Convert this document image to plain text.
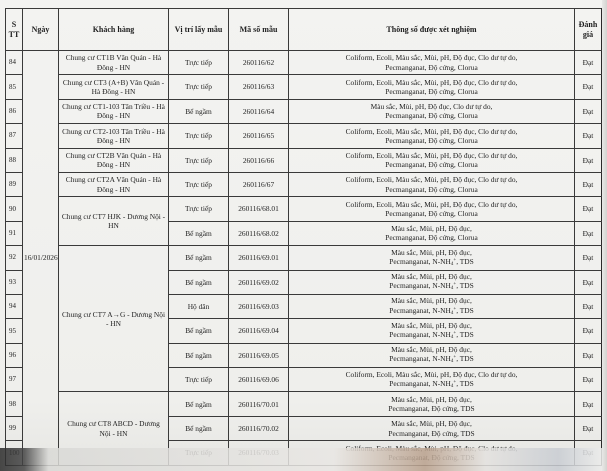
S TT	Ngày	Khách hàng	Vị trí lấy mẫu	Mã số mẫu	Thông số được xét nghiệm	Đánh giá
84	16/01/2026	Chung cư CT1B Văn Quán - Hà Đông - HN	Trực tiếp	260116/62	Coliform, Ecoli, Màu sắc, Mùi, pH, Độ đục, Clo dư tự do,
Pecmanganat, Độ cứng, Clorua	Đạt
85		Chung cư CT3 (A+B) Văn Quán - Hà Đông - HN	Trực tiếp	260116/63	Coliform, Ecoli, Màu sắc, Mùi, pH, Độ đục, Clo dư tự do,
Pecmanganat, Độ cứng, Clorua	Đạt
86		Chung cư CT1-103 Tân Triều - Hà Đông - HN	Bể ngầm	260116/64	Màu sắc, Mùi, pH, Độ đục, Clo dư tự do,
Pecmanganat, Độ cứng, Clorua	Đạt
87		Chung cư CT2-103 Tân Triều - Hà Đông - HN	Trực tiếp	260116/65	Coliform, Ecoli, Màu sắc, Mùi, pH, Độ đục, Clo dư tự do,
Pecmanganat, Độ cứng, Clorua	Đạt
88		Chung cư CT2B Văn Quán - Hà Đông - HN	Trực tiếp	260116/66	Coliform, Ecoli, Màu sắc, Mùi, pH, Độ đục, Clo dư tự do,
Pecmanganat, Độ cứng, Clorua	Đạt
89		Chung cư CT2A Văn Quán - Hà Đông - HN	Trực tiếp	260116/67	Coliform, Ecoli, Màu sắc, Mùi, pH, Độ đục, Clo dư tự do,
Pecmanganat, Độ cứng, Clorua	Đạt
90		Chung cư CT7 HJK - Dương Nội - HN	Trực tiếp	260116/68.01	Coliform, Ecoli, Màu sắc, Mùi, pH, Độ đục, Clo dư tự do,
Pecmanganat, Độ cứng, Clorua	Đạt
91			Bể ngầm	260116/68.02	Màu sắc, Mùi, pH, Độ đục,
Pecmanganat, Độ cứng, Clorua	Đạt
92		Chung cư CT7 A→G - Dương Nội - HN	Bể ngầm	260116/69.01	Màu sắc, Mùi, pH, Độ đục,
Pecmanganat, $N-NH_4^+$, TDS	Đạt
93			Bể ngầm	260116/69.02	Màu sắc, Mùi, pH, Độ đục,
Pecmanganat, $N-NH_4^+$, TDS	Đạt
94			Hộ dân	260116/69.03	Màu sắc, Mùi, pH, Độ đục,
Pecmanganat, $N-NH_4^+$, TDS	Đạt
95			Bể ngầm	260116/69.04	Màu sắc, Mùi, pH, Độ đục,
Pecmanganat, $N-NH_4^+$, TDS	Đạt
96			Bể ngầm	260116/69.05	Màu sắc, Mùi, pH, Độ đục,
Pecmanganat, $N-NH_4^+$, TDS	Đạt
97			Trực tiếp	260116/69.06	Coliform, Ecoli, Màu sắc, Mùi, pH, Độ đục, Clo dư tự do,
Pecmanganat, $N-NH_4^+$, TDS	Đạt
98		Chung cư CT8 ABCD - Dương Nội - HN	Bể ngầm	260116/70.01	Màu sắc, Mùi, pH, Độ đục,
Pecmanganat, Độ cứng, TDS	Đạt
99			Bể ngầm	260116/70.02	Màu sắc, Mùi, pH, Độ đục,
Pecmanganat, Độ cứng, TDS	Đạt
